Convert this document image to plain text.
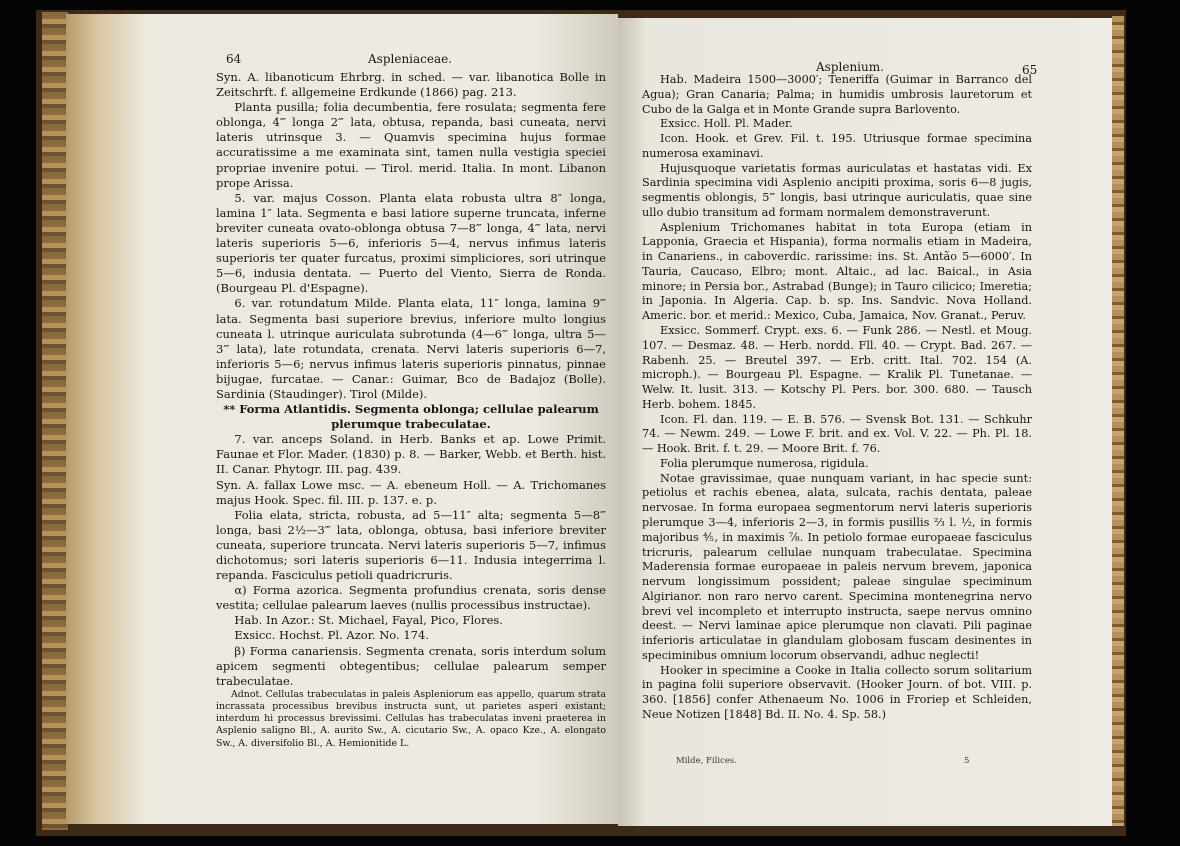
64	Aspleniaceae.

Syn. A. libanoticum Ehrbrg. in sched. — var. libanotica Bolle in Zeitschrft. f. allgemeine Erdkunde (1866) pag. 213.

Planta pusilla; folia decumbentia, fere rosulata; segmenta fere oblonga, 4‴ longa 2‴ lata, obtusa, repanda, basi cuneata, nervi lateris utrinsque 3. — Quamvis specimina hujus formae accuratissime a me examinata sint, tamen nulla vestigia speciei propriae invenire potui. — Tirol. merid. Italia. In mont. Libanon prope Arissa.

5. var. majus Cosson. Planta elata robusta ultra 8″ longa, lamina 1″ lata. Segmenta e basi latiore superne truncata, inferne breviter cuneata ovato-oblonga obtusa 7—8‴ longa, 4‴ lata, nervi lateris superioris 5—6, inferioris 5—4, nervus infimus lateris superioris ter quater furcatus, proximi simpliciores, sori utrinque 5—6, indusia dentata. — Puerto del Viento, Sierra de Ronda. (Bourgeau Pl. d'Espagne).

6. var. rotundatum Milde. Planta elata, 11″ longa, lamina 9‴ lata. Segmenta basi superiore brevius, inferiore multo longius cuneata l. utrinque auriculata subrotunda (4—6‴ longa, ultra 5—3‴ lata), late rotundata, crenata. Nervi lateris superioris 6—7, inferioris 5—6; nervus infimus lateris superioris pinnatus, pinnae bijugae, furcatae. — Canar.: Guimar, Bco de Badajoz (Bolle). Sardinia (Staudinger). Tirol (Milde).

** Forma Atlantidis. Segmenta oblonga; cellulae palearum plerumque trabeculatae.

7. var. anceps Soland. in Herb. Banks et ap. Lowe Primit. Faunae et Flor. Mader. (1830) p. 8. — Barker, Webb. et Berth. hist. II. Canar. Phytogr. III. pag. 439.

Syn. A. fallax Lowe msc. — A. ebeneum Holl. — A. Trichomanes majus Hook. Spec. fil. III. p. 137. e. p.

Folia elata, stricta, robusta, ad 5—11″ alta; segmenta 5—8‴ longa, basi 2½—3‴ lata, oblonga, obtusa, basi inferiore breviter cuneata, superiore truncata. Nervi lateris superioris 5—7, infimus dichotomus; sori lateris superioris 6—11. Indusia integerrima l. repanda. Fasciculus petioli quadricruris.

α) Forma azorica. Segmenta profundius crenata, soris dense vestita; cellulae palearum laeves (nullis processibus instructae).

Hab. In Azor.: St. Michael, Fayal, Pico, Flores.

Exsicc. Hochst. Pl. Azor. No. 174.

β) Forma canariensis. Segmenta crenata, soris interdum solum apicem segmenti obtegentibus; cellulae palearum semper trabeculatae.

Adnot. Cellulas trabeculatas in paleis Aspleniorum eas appello, quarum strata incrassata processibus brevibus instructa sunt, ut parietes asperi existant; interdum hi processus brevissimi. Cellulas has trabeculatas inveni praeterea in Asplenio saligno Bl., A. aurito Sw., A. cicutario Sw., A. opaco Kze., A. elongato Sw., A. diversifolio Bl., A. Hemionitide L.

Asplenium.	65

Hab. Madeira 1500—3000′; Teneriffa (Guimar in Barranco del Agua); Gran Canaria; Palma; in humidis umbrosis lauretorum et Cubo de la Galga et in Monte Grande supra Barlovento.

Exsicc. Holl. Pl. Mader.

Icon. Hook. et Grev. Fil. t. 195. Utriusque formae specimina numerosa examinavi.

Hujusquoque varietatis formas auriculatas et hastatas vidi. Ex Sardinia specimina vidi Asplenio ancipiti proxima, soris 6—8 jugis, segmentis oblongis, 5‴ longis, basi utrinque auriculatis, quae sine ullo dubio transitum ad formam normalem demonstraverunt.

Asplenium Trichomanes habitat in tota Europa (etiam in Lapponia, Graecia et Hispania), forma normalis etiam in Madeira, in Canariens., in caboverdic. rarissime: ins. St. Antão 5—6000′. In Tauria, Caucaso, Elbro; mont. Altaic., ad lac. Baical., in Asia minore; in Persia bor., Astrabad (Bunge); in Tauro cilicico; Imeretia; in Japonia. In Algeria. Cap. b. sp. Ins. Sandvic. Nova Holland. Americ. bor. et merid.: Mexico, Cuba, Jamaica, Nov. Granat., Peruv.

Exsicc. Sommerf. Crypt. exs. 6. — Funk 286. — Nestl. et Moug. 107. — Desmaz. 48. — Herb. nordd. Fll. 40. — Crypt. Bad. 267. — Rabenh. 25. — Breutel 397. — Erb. critt. Ital. 702. 154 (A. microph.). — Bourgeau Pl. Espagne. — Kralik Pl. Tunetanae. — Welw. It. lusit. 313. — Kotschy Pl. Pers. bor. 300. 680. — Tausch Herb. bohem. 1845.

Icon. Fl. dan. 119. — E. B. 576. — Svensk Bot. 131. — Schkuhr 74. — Newm. 249. — Lowe F. brit. and ex. Vol. V. 22. — Ph. Pl. 18. — Hook. Brit. f. t. 29. — Moore Brit. f. 76.

Folia plerumque numerosa, rigidula.

Notae gravissimae, quae nunquam variant, in hac specie sunt: petiolus et rachis ebenea, alata, sulcata, rachis dentata, paleae nervosae. In forma europaea segmentorum nervi lateris superioris plerumque 3—4, inferioris 2—3, in formis pusillis ⅔ l. ½, in formis majoribus ⅘, in maximis ⅞. In petiolo formae europaeae fasciculus tricruris, palearum cellulae nunquam trabeculatae. Specimina Maderensia formae europaeae in paleis nervum brevem, japonica nervum longissimum possident; paleae singulae speciminum Algirianor. non raro nervo carent. Specimina montenegrina nervo brevi vel incompleto et interrupto instructa, saepe nervus omnino deest. — Nervi laminae apice plerumque non clavati. Pili paginae inferioris articulatae in glandulam globosam fuscam desinentes in speciminibus omnium locorum observandi, adhuc neglecti!

Hooker in specimine a Cooke in Italia collecto sorum solitarium in pagina folii superiore observavit. (Hooker Journ. of bot. VIII. p. 360. [1856] confer Athenaeum No. 1006 in Froriep et Schleiden, Neue Notizen [1848] Bd. II. No. 4. Sp. 58.)

Milde, Filices.	5
